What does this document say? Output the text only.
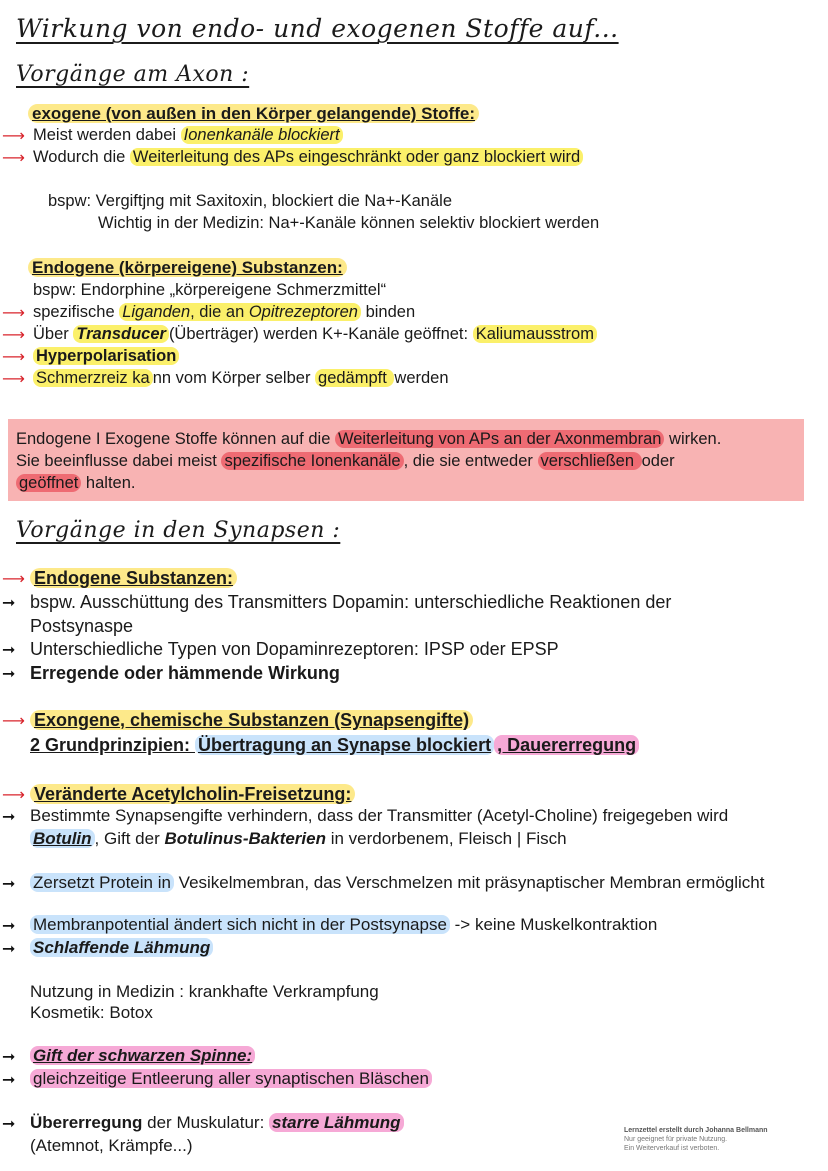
Wirkung von endo- und exogenen Stoffe auf...
Vorgänge am Axon :
exogene (von außen in den Körper gelangende) Stoffe:
⟶ Meist werden dabei Ionenkanäle blockiert
⟶ Wodurch die Weiterleitung des APs eingeschränkt oder ganz blockiert wird
bspw: Vergiftjng mit Saxitoxin, blockiert die Na+-Kanäle
Wichtig in der Medizin: Na+-Kanäle können selektiv blockiert werden
Endogene (körpereigene) Substanzen:
bspw: Endorphine „körpereigene Schmerzmittel“
⟶ spezifische Liganden, die an Opitrezeptoren binden
⟶ Über Transducer (Überträger) werden K+-Kanäle geöffnet: Kaliumausstrom
⟶ Hyperpolarisation
⟶ Schmerzreiz ka nn vom Körper selber gedämpft werden
Endogene I Exogene Stoffe können auf die Weiterleitung von APs an der Axonmembran wirken.
Sie beeinflusse dabei meist spezifische Ionenkanäle , die sie entweder verschließen oder
geöffnet halten.
Vorgänge in den Synapsen :
⟶ Endogene Substanzen:
➞ bspw. Ausschüttung des Transmitters Dopamin: unterschiedliche Reaktionen der
Postsynaspe
➞ Unterschiedliche Typen von Dopaminrezeptoren: IPSP oder EPSP
➞ Erregende oder hämmende Wirkung
⟶ Exongene, chemische Substanzen (Synapsengifte)
2 Grundprinzipien: Übertragung an Synapse blockiert , Dauererregung
⟶ Veränderte Acetylcholin-Freisetzung:
➞ Bestimmte Synapsengifte verhindern, dass der Transmitter (Acetyl-Choline) freigegeben wird
Botulin , Gift der Botulinus-Bakterien in verdorbenem, Fleisch | Fisch
➞ Zersetzt Protein in Vesikelmembran, das Verschmelzen mit präsynaptischer Membran ermöglicht
➞ Membranpotential ändert sich nicht in der Postsynapse -> keine Muskelkontraktion
➞ Schlaffende Lähmung
Nutzung in Medizin : krankhafte Verkrampfung
Kosmetik: Botox
➞ Gift der schwarzen Spinne:
➞ gleichzeitige Entleerung aller synaptischen Bläschen
➞ Übererregung der Muskulatur: starre Lähmung
(Atemnot, Krämpfe...)
Lernzettel erstellt durch Johanna Bellmann
Nur geeignet für private Nutzung.
Ein Weiterverkauf ist verboten.
